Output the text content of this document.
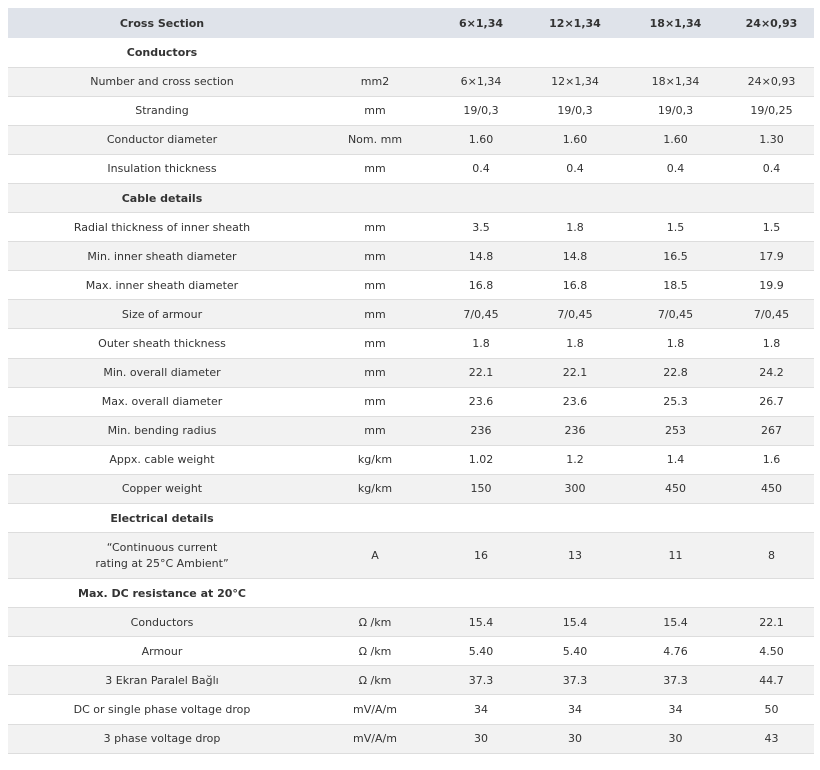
Cross Section		6×1,34	12×1,34	18×1,34	24×0,93
Conductors					
Number and cross section	mm2	6×1,34	12×1,34	18×1,34	24×0,93
Stranding	mm	19/0,3	19/0,3	19/0,3	19/0,25
Conductor diameter	Nom. mm	1.60	1.60	1.60	1.30
Insulation thickness	mm	0.4	0.4	0.4	0.4
Cable details					
Radial thickness of inner sheath	mm	3.5	1.8	1.5	1.5
Min. inner sheath diameter	mm	14.8	14.8	16.5	17.9
Max. inner sheath diameter	mm	16.8	16.8	18.5	19.9
Size of armour	mm	7/0,45	7/0,45	7/0,45	7/0,45
Outer sheath thickness	mm	1.8	1.8	1.8	1.8
Min. overall diameter	mm	22.1	22.1	22.8	24.2
Max. overall diameter	mm	23.6	23.6	25.3	26.7
Min. bending radius	mm	236	236	253	267
Appx. cable weight	kg/km	1.02	1.2	1.4	1.6
Copper weight	kg/km	150	300	450	450
Electrical details					

“Continuous current
rating at 25°C Ambient”	A	16	13	11	8
Max. DC resistance at 20°C					
Conductors	Ω /km	15.4	15.4	15.4	22.1
Armour	Ω /km	5.40	5.40	4.76	4.50
3 Ekran Paralel Bağlı	Ω /km	37.3	37.3	37.3	44.7
DC or single phase voltage drop	mV/A/m	34	34	34	50
3 phase voltage drop	mV/A/m	30	30	30	43
